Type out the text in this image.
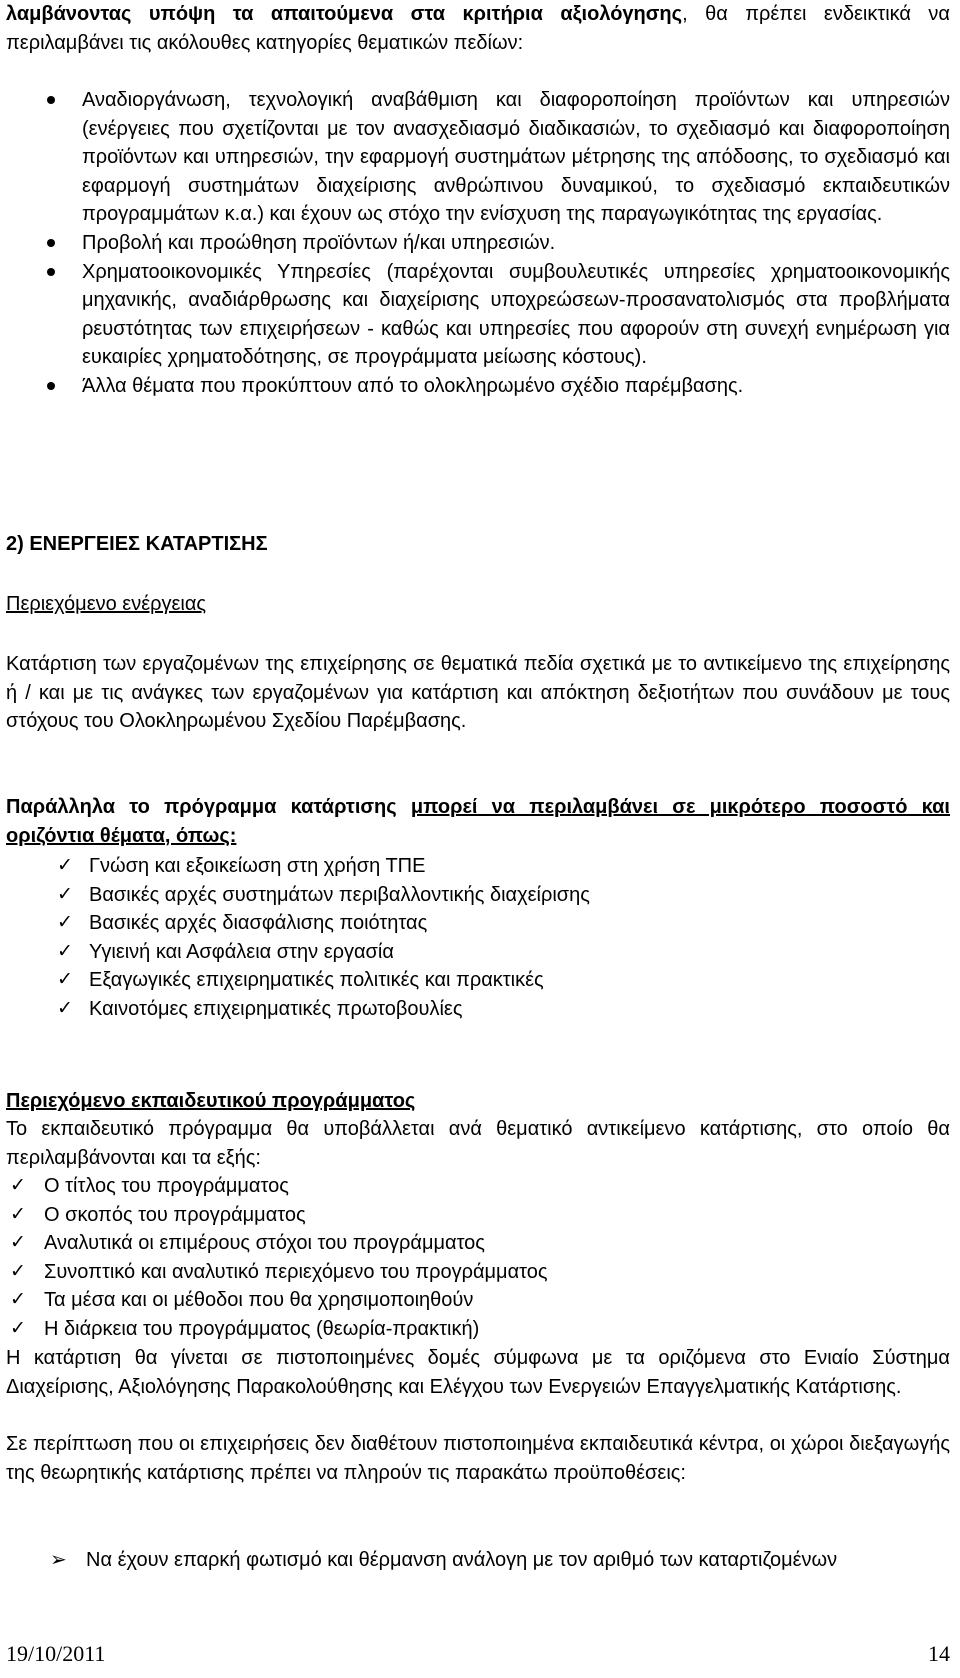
λαμβάνοντας υπόψη τα απαιτούμενα στα κριτήρια αξιολόγησης, θα πρέπει ενδεικτικά να περιλαμβάνει τις ακόλουθες κατηγορίες θεματικών πεδίων:

Αναδιοργάνωση, τεχνολογική αναβάθμιση και διαφοροποίηση προϊόντων και υπηρεσιών (ενέργειες που σχετίζονται με τον ανασχεδιασμό διαδικασιών, το σχεδιασμό και διαφοροποίηση προϊόντων και υπηρεσιών, την εφαρμογή συστημάτων μέτρησης της απόδοσης, το σχεδιασμό και εφαρμογή συστημάτων διαχείρισης ανθρώπινου δυναμικού, το σχεδιασμό εκπαιδευτικών προγραμμάτων κ.α.) και έχουν ως στόχο την ενίσχυση της παραγωγικότητας της εργασίας.
Προβολή και προώθηση προϊόντων ή/και υπηρεσιών.
Χρηματοοικονομικές Υπηρεσίες (παρέχονται συμβουλευτικές υπηρεσίες χρηματοοικονομικής μηχανικής, αναδιάρθρωσης και διαχείρισης υποχρεώσεων-προσανατολισμός στα προβλήματα ρευστότητας των επιχειρήσεων - καθώς και υπηρεσίες που αφορούν στη συνεχή ενημέρωση για ευκαιρίες χρηματοδότησης, σε προγράμματα μείωσης κόστους).
Άλλα θέματα που προκύπτουν από το ολοκληρωμένο σχέδιο παρέμβασης.
2) ΕΝΕΡΓΕΙΕΣ ΚΑΤΑΡΤΙΣΗΣ
Περιεχόμενο ενέργειας

Κατάρτιση των εργαζομένων της επιχείρησης σε θεματικά πεδία σχετικά με το αντικείμενο της επιχείρησης ή / και με τις ανάγκες των εργαζομένων για κατάρτιση και απόκτηση δεξιοτήτων που συνάδουν με τους στόχους του Ολοκληρωμένου Σχεδίου Παρέμβασης.

Παράλληλα το πρόγραμμα κατάρτισης μπορεί να περιλαμβάνει σε μικρότερο ποσοστό και οριζόντια θέματα, όπως:

✓ Γνώση και εξοικείωση στη χρήση ΤΠΕ
✓ Βασικές αρχές συστημάτων περιβαλλοντικής διαχείρισης
✓ Βασικές αρχές διασφάλισης ποιότητας
✓ Υγιεινή και Ασφάλεια στην εργασία
✓ Εξαγωγικές επιχειρηματικές πολιτικές και πρακτικές
✓ Καινοτόμες επιχειρηματικές πρωτοβουλίες
Περιεχόμενο εκπαιδευτικού προγράμματος

Το εκπαιδευτικό πρόγραμμα θα υποβάλλεται ανά θεματικό αντικείμενο κατάρτισης, στο οποίο θα περιλαμβάνονται και τα εξής:

✓ Ο τίτλος του προγράμματος
✓ Ο σκοπός του προγράμματος
✓ Αναλυτικά οι επιμέρους στόχοι του προγράμματος
✓ Συνοπτικό και αναλυτικό περιεχόμενο του προγράμματος
✓ Τα μέσα και οι μέθοδοι που θα χρησιμοποιηθούν
✓ Η διάρκεια του προγράμματος (θεωρία-πρακτική)

Η κατάρτιση θα γίνεται σε πιστοποιημένες δομές σύμφωνα με τα οριζόμενα στο Ενιαίο Σύστημα Διαχείρισης, Αξιολόγησης Παρακολούθησης και Ελέγχου των Ενεργειών Επαγγελματικής Κατάρτισης.

Σε περίπτωση που οι επιχειρήσεις δεν διαθέτουν πιστοποιημένα εκπαιδευτικά κέντρα, οι χώροι διεξαγωγής της θεωρητικής κατάρτισης πρέπει να πληρούν τις παρακάτω προϋποθέσεις:

➢ Να έχουν επαρκή φωτισμό και θέρμανση ανάλογη με τον αριθμό των καταρτιζομένων
19/10/2011	14
